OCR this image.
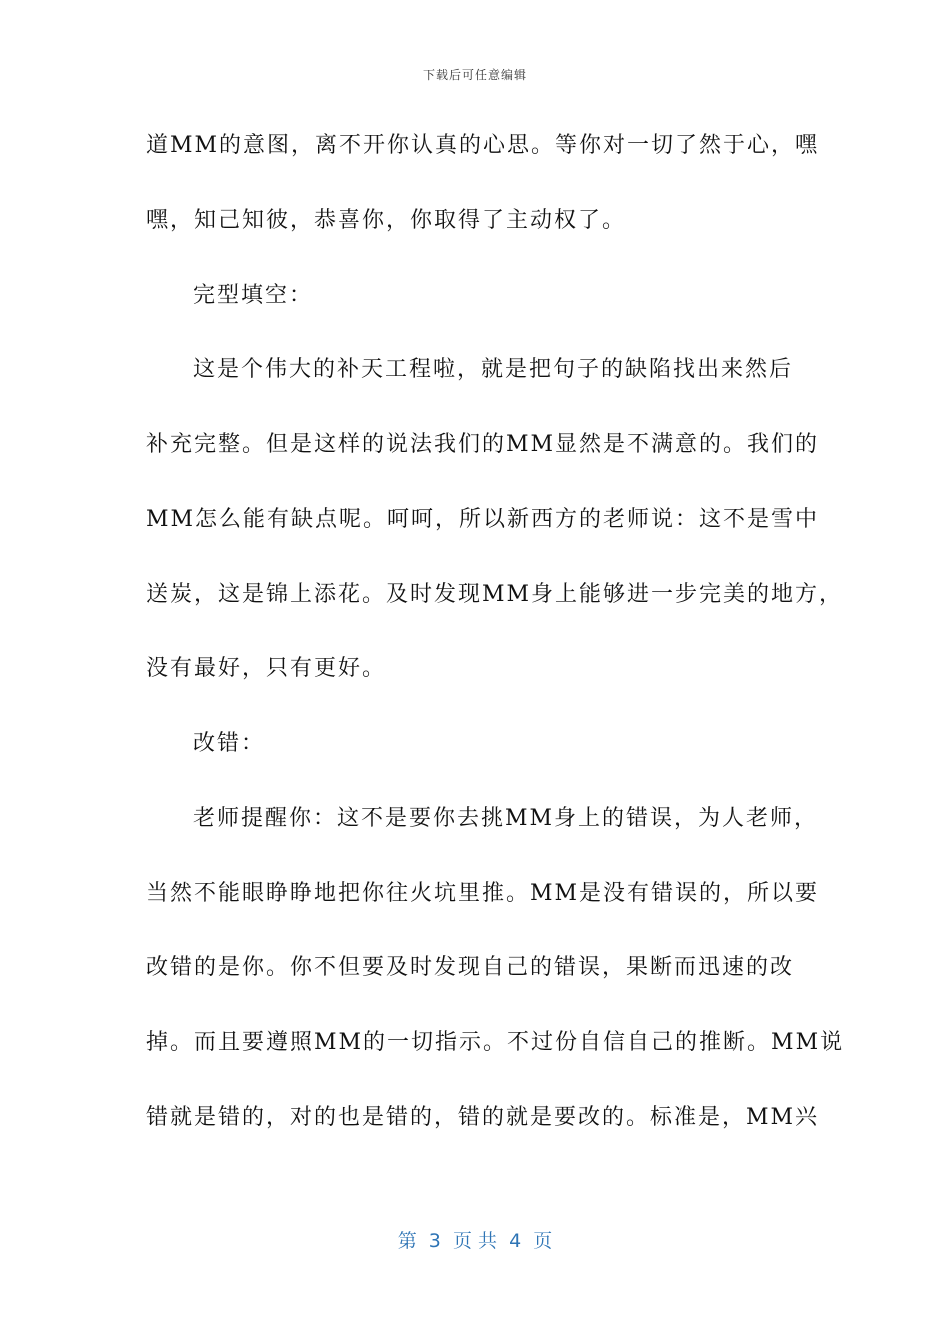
下载后可任意编辑
道MM的意图，离不开你认真的心思。等你对一切了然于心，嘿
嘿，知己知彼，恭喜你，你取得了主动权了。
完型填空：
这是个伟大的补天工程啦，就是把句子的缺陷找出来然后
补充完整。但是这样的说法我们的MM显然是不满意的。我们的
MM怎么能有缺点呢。呵呵，所以新西方的老师说：这不是雪中
送炭，这是锦上添花。及时发现MM身上能够进一步完美的地方，
没有最好，只有更好。
改错：
老师提醒你：这不是要你去挑MM身上的错误，为人老师，
当然不能眼睁睁地把你往火坑里推。MM是没有错误的，所以要
改错的是你。你不但要及时发现自己的错误，果断而迅速的改
掉。而且要遵照MM的一切指示。不过份自信自己的推断。MM说
错就是错的，对的也是错的，错的就是要改的。标准是，MM兴
第  3  页 共  4  页
